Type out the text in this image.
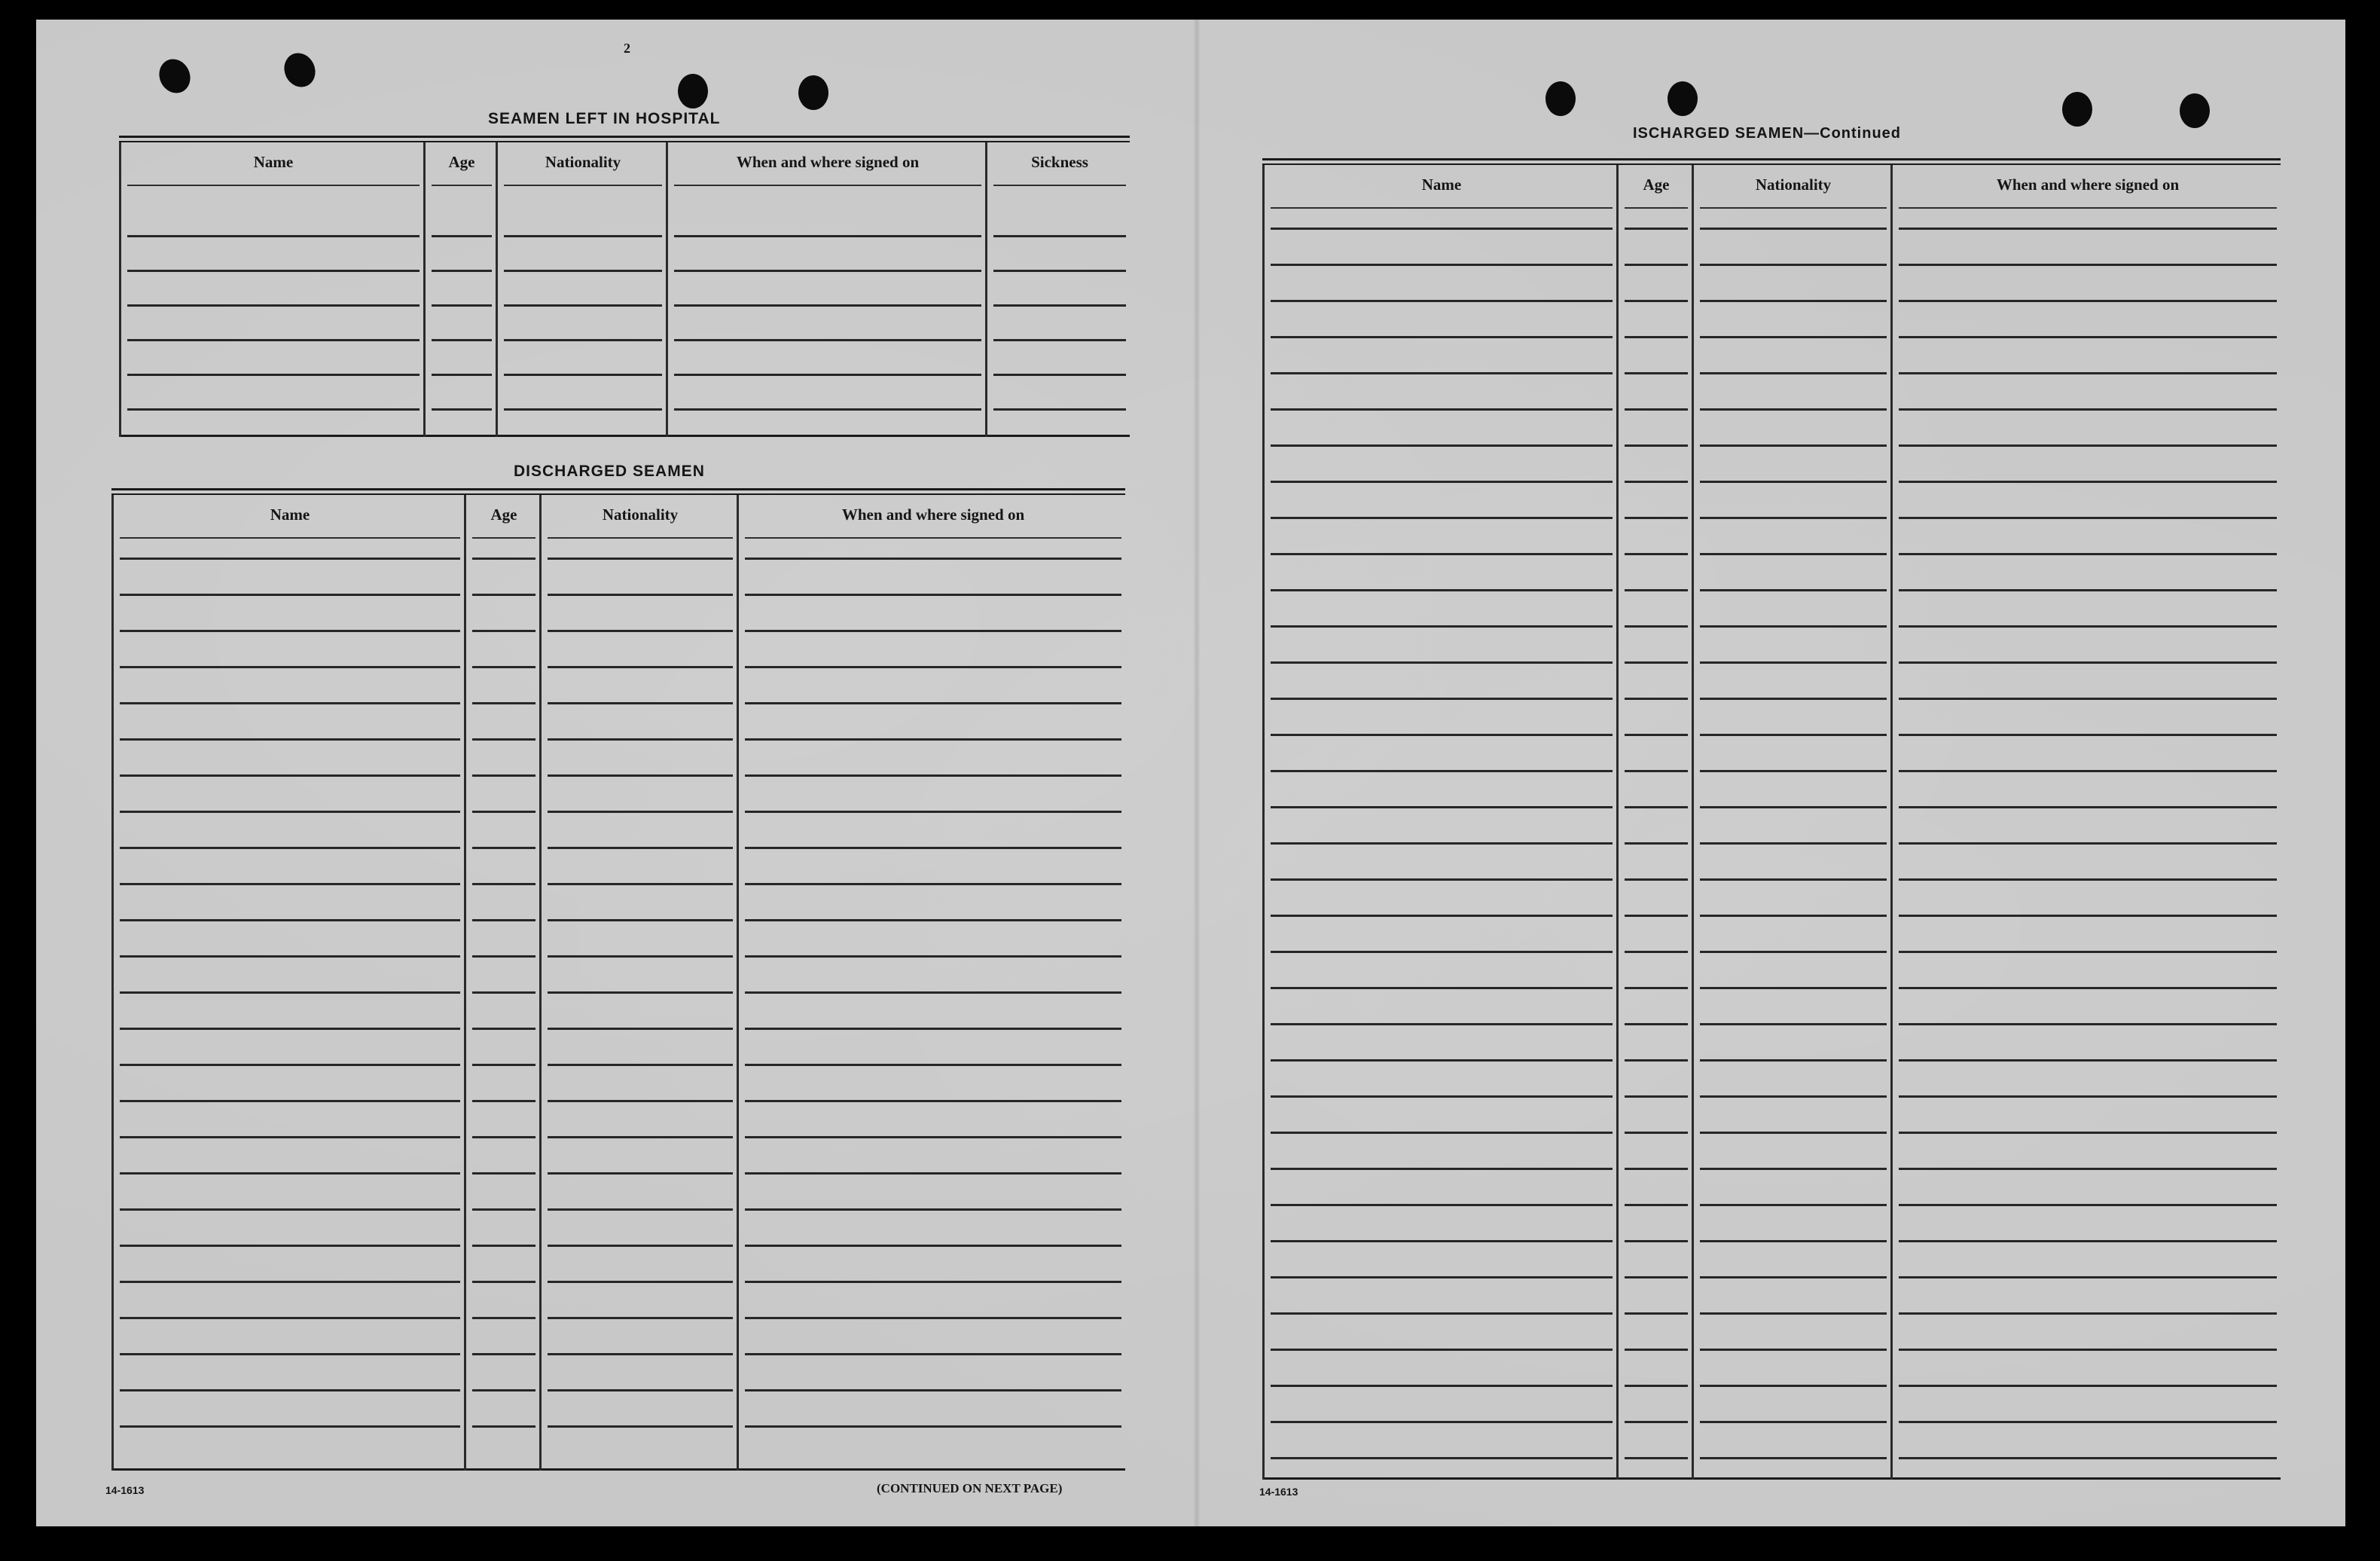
2
SEAMEN LEFT IN HOSPITAL
Name	Age	Nationality	When and where signed on	Sickness
DISCHARGED SEAMEN
Name	Age	Nationality	When and where signed on
14-1613	(CONTINUED ON NEXT PAGE)
ISCHARGED SEAMEN—Continued
Name	Age	Nationality	When and where signed on
14-1613
